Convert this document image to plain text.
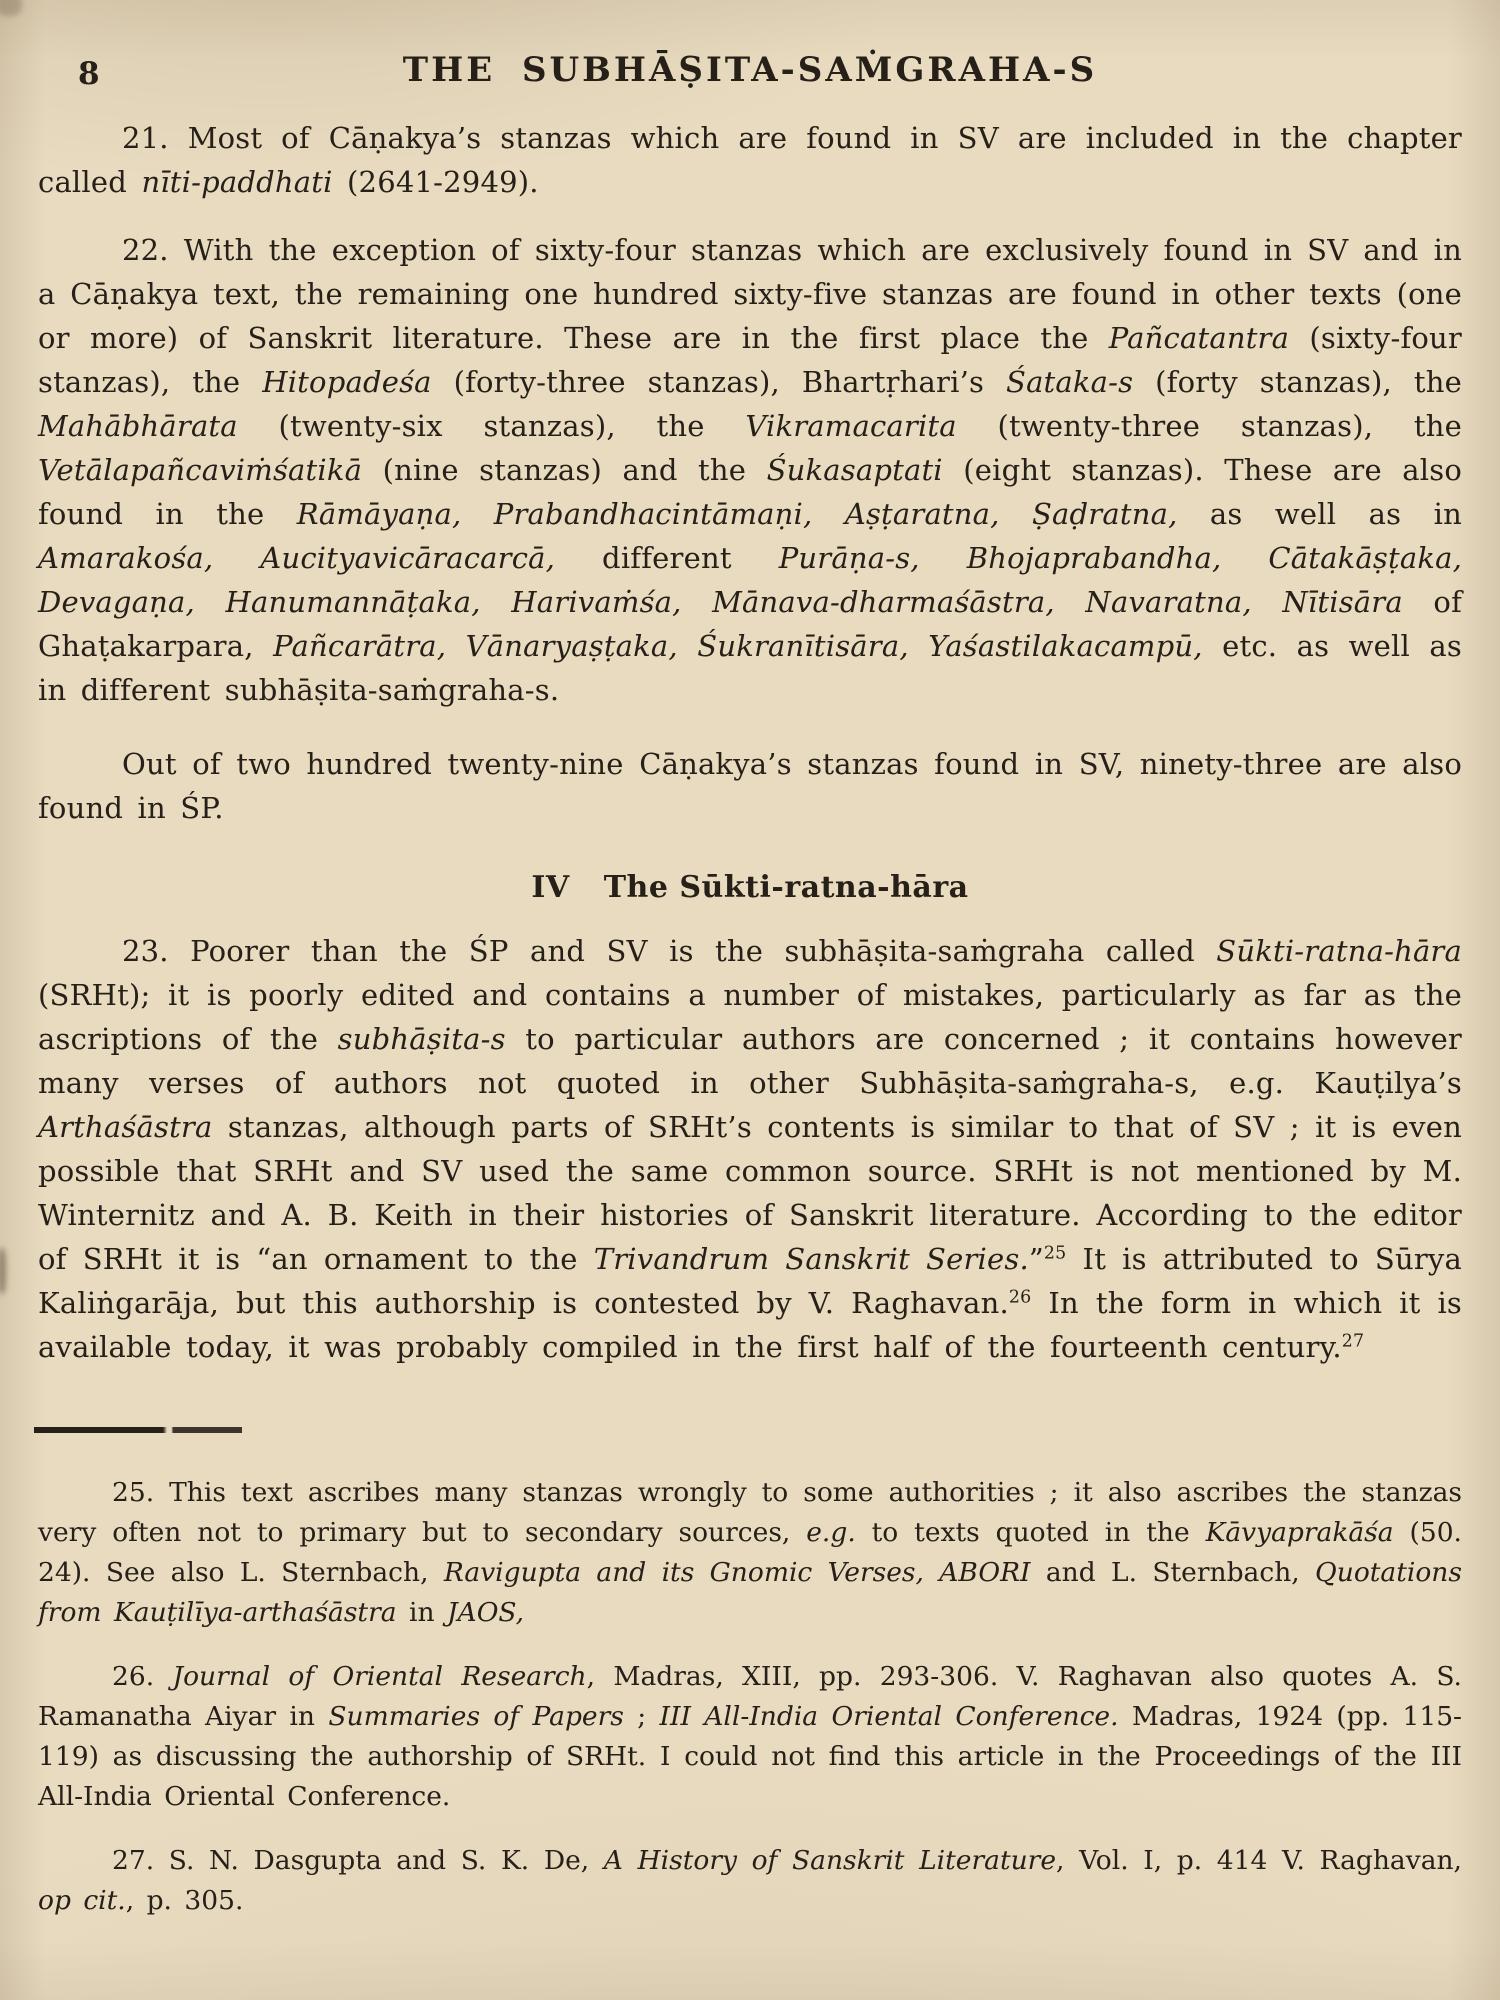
8	THE SUBHĀṢITA-SAṀGRAHA-S

21. Most of Cāṇakya’s stanzas which are found in SV are included in the chapter called nīti-paddhati (2641-2949).

22. With the exception of sixty-four stanzas which are exclusively found in SV and in a Cāṇakya text, the remaining one hundred sixty-five stanzas are found in other texts (one or more) of Sanskrit literature. These are in the first place the Pañcatantra (sixty-four stanzas), the Hitopadeśa (forty-three stanzas), Bhartṛhari’s Śataka-s (forty stanzas), the Mahābhārata (twenty-six stanzas), the Vikramacarita (twenty-three stanzas), the Vetālapañcaviṁśatikā (nine stanzas) and the Śukasaptati (eight stanzas). These are also found in the Rāmāyaṇa, Prabandhacintāmaṇi, Aṣṭaratna, Ṣaḍratna, as well as in Amarakośa, Aucityavicāracarcā, different Purāṇa-s, Bhojaprabandha, Cātakāṣṭaka, Devagaṇa, Hanumannāṭaka, Harivaṁśa, Mānava-dharmaśāstra, Navaratna, Nītisāra of Ghaṭakarpara, Pañcarātra, Vānaryaṣṭaka, Śukranītisāra, Yaśastilakacampū, etc. as well as in different subhāṣita-saṁgraha-s.

Out of two hundred twenty-nine Cāṇakya’s stanzas found in SV, ninety-three are also found in ŚP.

IV The Sūkti-ratna-hāra

23. Poorer than the ŚP and SV is the subhāṣita-saṁgraha called Sūkti-ratna-hāra (SRHt); it is poorly edited and contains a number of mistakes, particularly as far as the ascriptions of the subhāṣita-s to particular authors are concerned ; it contains however many verses of authors not quoted in other Subhāṣita-saṁgraha-s, e.g. Kauṭilya’s Arthaśāstra stanzas, although parts of SRHt’s contents is similar to that of SV ; it is even possible that SRHt and SV used the same common source. SRHt is not mentioned by M. Winternitz and A. B. Keith in their histories of Sanskrit literature. According to the editor of SRHt it is “an ornament to the Trivandrum Sanskrit Series.”$^{25}$ It is attributed to Sūrya Kaliṅgarāja, but this authorship is contested by V. Raghavan.$^{26}$ In the form in which it is available today, it was probably compiled in the first half of the fourteenth century.$^{27}$

25. This text ascribes many stanzas wrongly to some authorities ; it also ascribes the stanzas very often not to primary but to secondary sources, e.g. to texts quoted in the Kāvyaprakāśa (50. 24). See also L. Sternbach, Ravigupta and its Gnomic Verses, ABORI and L. Sternbach, Quotations from Kauṭilīya-arthaśāstra in JAOS,

26. Journal of Oriental Research, Madras, XIII, pp. 293-306. V. Raghavan also quotes A. S. Ramanatha Aiyar in Summaries of Papers ; III All-India Oriental Conference. Madras, 1924 (pp. 115-119) as discussing the authorship of SRHt. I could not find this article in the Proceedings of the III All-India Oriental Conference.

27. S. N. Dasgupta and S. K. De, A History of Sanskrit Literature, Vol. I, p. 414 V. Raghavan, op cit., p. 305.
